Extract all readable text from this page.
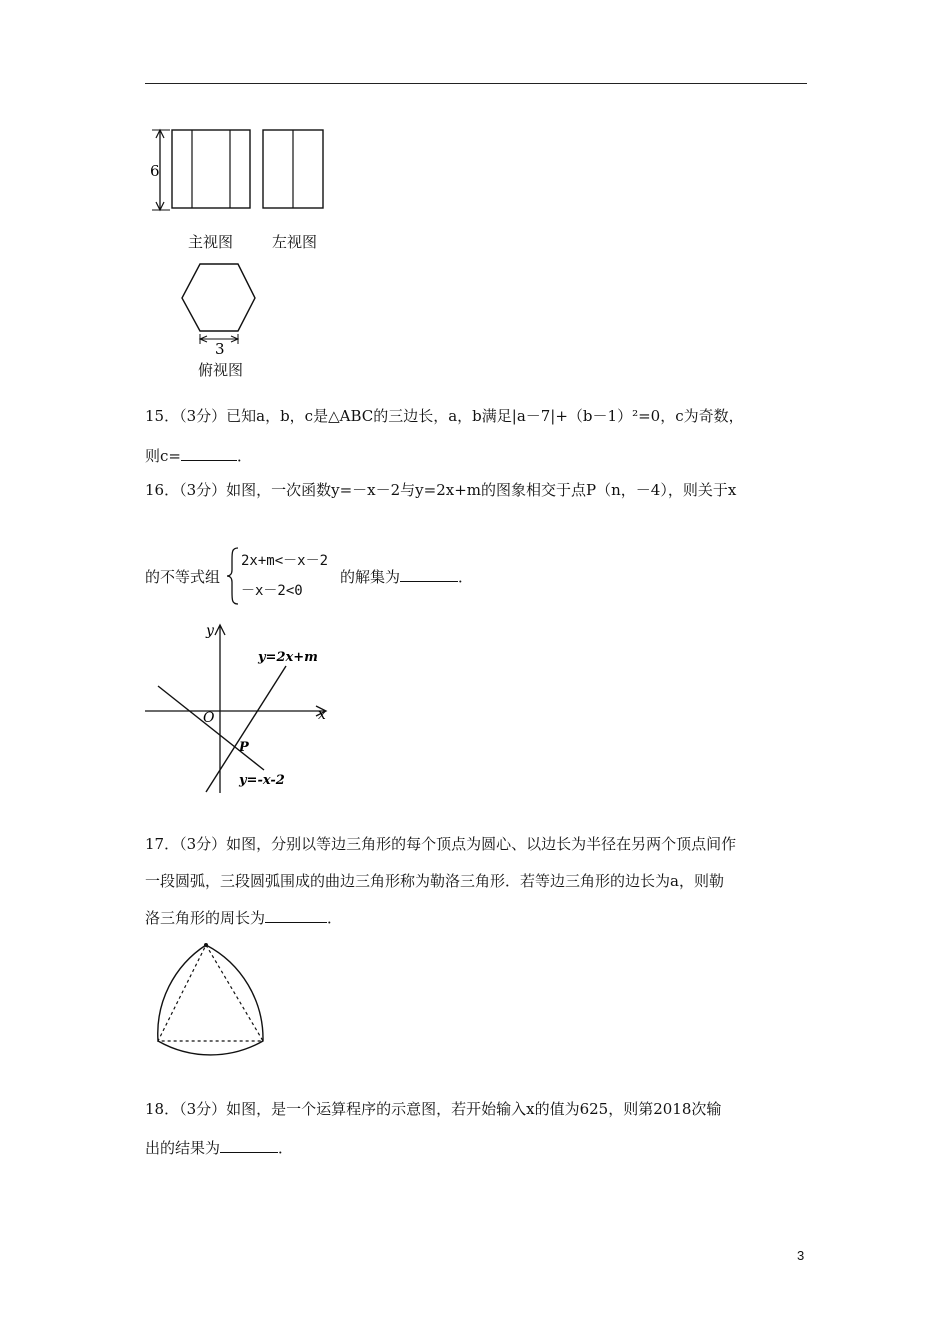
6
3
主视图	左视图
俯视图
15．（3分）已知a，b，c是△ABC的三边长，a，b满足|a－7|+（b－1）²=0，c为奇数，
则c=	．
16．（3分）如图，一次函数y=－x－2与y=2x+m的图象相交于点P（n，－4），则关于x
的不等式组
2x+m<－x－2
－x－2<0
的解集为	．
y
x
O
y=2x+m
y=-x-2
P
17．（3分）如图，分别以等边三角形的每个顶点为圆心、以边长为半径在另两个顶点间作
一段圆弧，三段圆弧围成的曲边三角形称为勒洛三角形．若等边三角形的边长为a，则勒
洛三角形的周长为	．
18．（3分）如图，是一个运算程序的示意图，若开始输入x的值为625，则第2018次输
出的结果为	．
3
